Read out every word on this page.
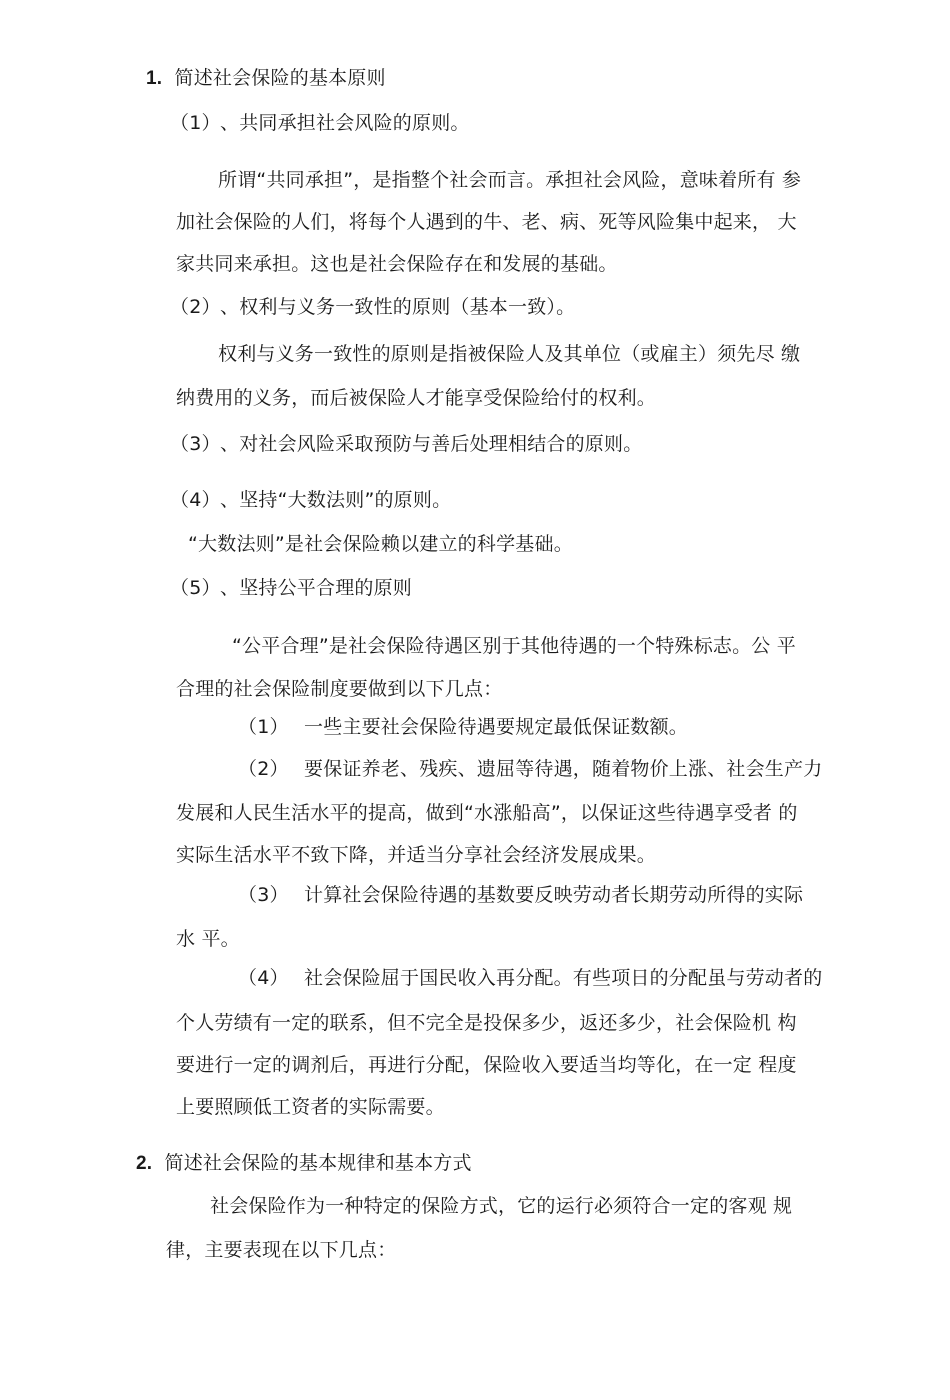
1. 简述社会保险的基本原则
（1）、共同承担社会风险的原则。
所谓“共同承担”，是指整个社会而言。承担社会风险，意味着所有 参
加社会保险的人们，将每个人遇到的牛、老、病、死等风险集中起来， 大
家共同来承担。这也是社会保险存在和发展的基础。
（2）、权利与义务一致性的原则（基本一致）。
权利与义务一致性的原则是指被保险人及其单位（或雇主）须先尽 缴
纳费用的义务，而后被保险人才能享受保险给付的权利。
（3）、对社会风险采取预防与善后处理相结合的原则。
（4）、坚持“大数法则”的原则。
“大数法则”是社会保险赖以建立的科学基础。
（5）、坚持公平合理的原则
“公平合理”是社会保险待遇区别于其他待遇的一个特殊标志。公 平
合理的社会保险制度要做到以下几点：
（1） 一些主要社会保险待遇要规定最低保证数额。
（2） 要保证养老、残疾、遗屈等待遇，随着物价上涨、社会生产力
发展和人民生活水平的提高，做到“水涨船高”，以保证这些待遇享受者 的
实际生活水平不致下降，并适当分享社会经济发展成果。
（3） 计算社会保险待遇的基数要反映劳动者长期劳动所得的实际
水 平。
（4） 社会保险屈于国民收入再分配。有些项日的分配虽与劳动者的
个人劳绩有一定的联系，但不完全是投保多少，返还多少，社会保险机 构
要进行一定的调剂后，再进行分配，保险收入要适当均等化，在一定 程度
上要照顾低工资者的实际需要。
2. 简述社会保险的基本规律和基本方式
社会保险作为一种特定的保险方式，它的运行必须符合一定的客观 规
律，主要表现在以下几点：
